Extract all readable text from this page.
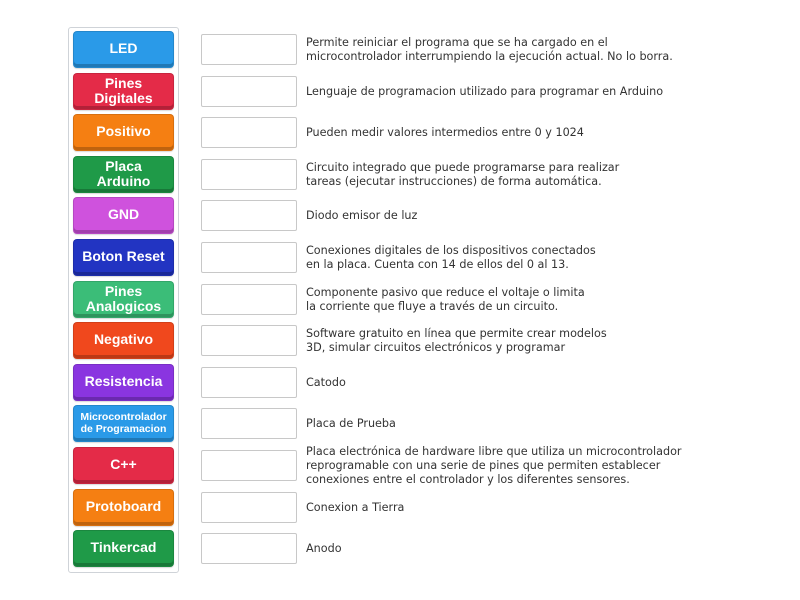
LED
Pines
Digitales
Positivo
Placa
Arduino
GND
Boton Reset
Pines
Analogicos
Negativo
Resistencia
Microcontrolador
de Programacion
C++
Protoboard
Tinkercad
Permite reiniciar el programa que se ha cargado en el
microcontrolador interrumpiendo la ejecución actual. No lo borra.
Lenguaje de programacion utilizado para programar en Arduino
Pueden medir valores intermedios entre 0 y 1024
Circuito integrado que puede programarse para realizar
tareas (ejecutar instrucciones) de forma automática.
Diodo emisor de luz
Conexiones digitales de los dispositivos conectados
en la placa. Cuenta con 14 de ellos del 0 al 13.
Componente pasivo que reduce el voltaje o limita
la corriente que fluye a través de un circuito.
Software gratuito en línea que permite crear modelos
3D, simular circuitos electrónicos y programar
Catodo
Placa de Prueba
Placa electrónica de hardware libre que utiliza un microcontrolador
reprogramable con una serie de pines que permiten establecer
conexiones entre el controlador y los diferentes sensores.
Conexion a Tierra
Anodo
